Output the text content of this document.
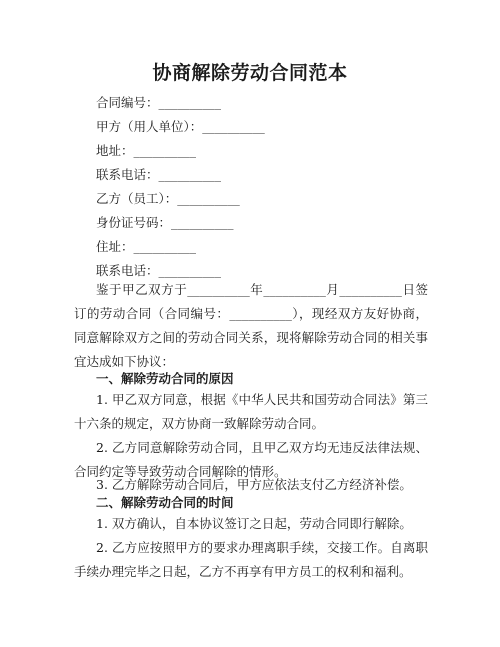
协商解除劳动合同范本
合同编号：__________
甲方（用人单位）：__________
地址：__________
联系电话：__________
乙方（员工）：__________
身份证号码：__________
住址：__________
联系电话：__________

鉴于甲乙双方于__________年__________月__________日签订的劳动合同（合同编号：__________），现经双方友好协商，同意解除双方之间的劳动合同关系，现将解除劳动合同的相关事宜达成如下协议：

一、解除劳动合同的原因

1. 甲乙双方同意，根据《中华人民共和国劳动合同法》第三十六条的规定，双方协商一致解除劳动合同。

2. 乙方同意解除劳动合同，且甲乙双方均无违反法律法规、合同约定等导致劳动合同解除的情形。

3. 乙方解除劳动合同后，甲方应依法支付乙方经济补偿。

二、解除劳动合同的时间

1. 双方确认，自本协议签订之日起，劳动合同即行解除。

2. 乙方应按照甲方的要求办理离职手续，交接工作。自离职手续办理完毕之日起，乙方不再享有甲方员工的权利和福利。
